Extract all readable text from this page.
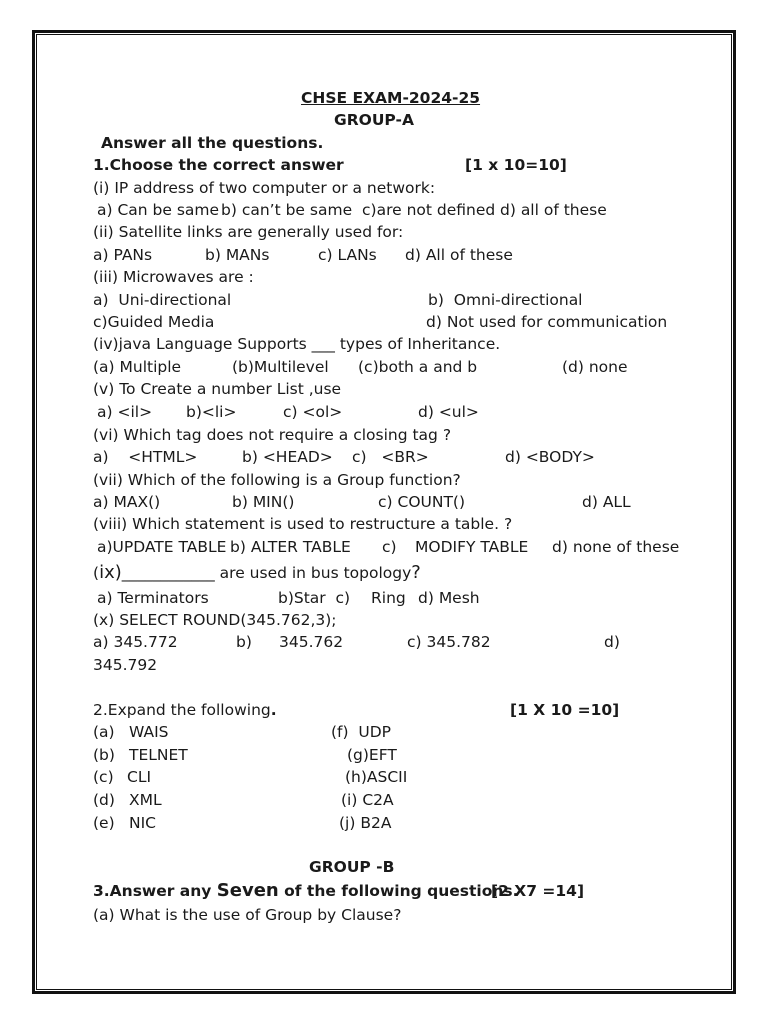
CHSE EXAM-2024-25
GROUP-A
Answer all the questions.
1.Choose the correct answer	[1 x 10=10]
(i) IP address of two computer or a network:
a) Can be same b) can’t be same c)are not defined d) all of these
(ii) Satellite links are generally used for:
a) PANs	b) MANs	c) LANs d) All of these
(iii) Microwaves are :
a)  Uni-directional	b)  Omni-directional
c)Guided Media	d) Not used for communication
(iv)java Language Supports ___ types of Inheritance.
(a) Multiple	(b)Multilevel (c)both a and b	(d) none
(v) To Create a number List ,use
a) <il> b)<li>	c) <ol>	d) <ul>
(vi) Which tag does not require a closing tag ?
a)    <HTML>	b) <HEAD> c)   <BR>	d) <BODY>
(vii) Which of the following is a Group function?
a) MAX()	b) MIN()	c) COUNT()	d) ALL
(viii) Which statement is used to restructure a table. ?
a)UPDATE TABLE b) ALTER TABLE c) MODIFY TABLE d) none of these
(ix)____________ are used in bus topology?
a) Terminators	b)Star  c) Ring d) Mesh
(x) SELECT ROUND(345.762,3);
a) 345.772	b) 345.762	c) 345.782	d)
345.792
2.Expand the following.	[1 X 10 =10]
(a) WAIS	(f)  UDP
(b) TELNET	(g)EFT
(c) CLI	(h)ASCII
(d) XML	(i) C2A
(e) NIC	(j) B2A
GROUP -B
3.Answer any Seven of the following questions.
[2 X7 =14]
(a) What is the use of Group by Clause?
